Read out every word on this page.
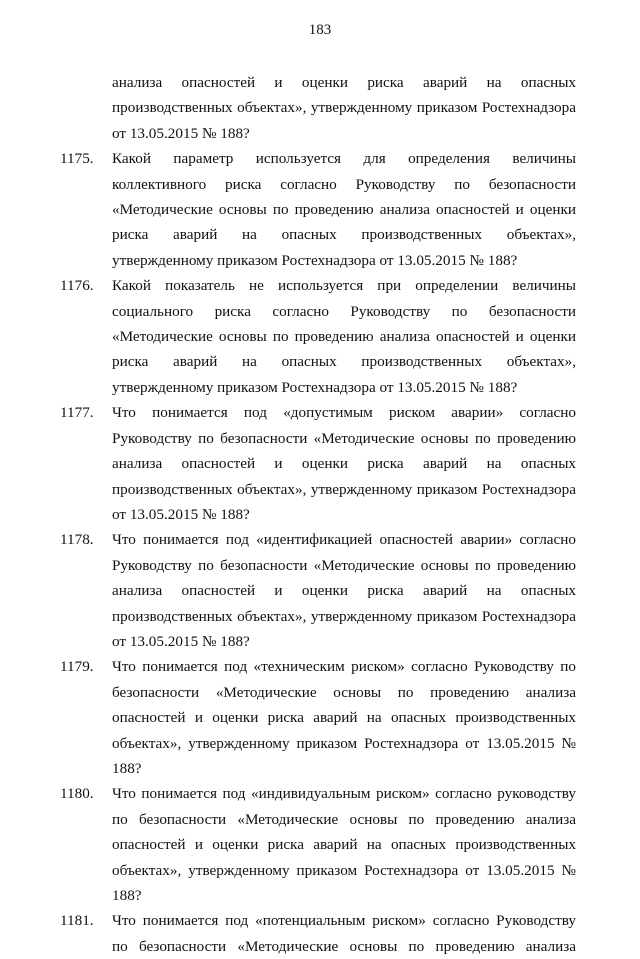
183

анализа опасностей и оценки риска аварий на опасных производственных объектах», утвержденному приказом Ростехнадзора от 13.05.2015 № 188?

1175. Какой параметр используется для определения величины коллективного риска согласно Руководству по безопасности «Методические основы по проведению анализа опасностей и оценки риска аварий на опасных производственных объектах», утвержденному приказом Ростехнадзора от 13.05.2015 № 188?

1176. Какой показатель не используется при определении величины социального риска согласно Руководству по безопасности «Методические основы по проведению анализа опасностей и оценки риска аварий на опасных производственных объектах», утвержденному приказом Ростехнадзора от 13.05.2015 № 188?

1177. Что понимается под «допустимым риском аварии» согласно Руководству по безопасности «Методические основы по проведению анализа опасностей и оценки риска аварий на опасных производственных объектах», утвержденному приказом Ростехнадзора от 13.05.2015 № 188?

1178. Что понимается под «идентификацией опасностей аварии» согласно Руководству по безопасности «Методические основы по проведению анализа опасностей и оценки риска аварий на опасных производственных объектах», утвержденному приказом Ростехнадзора от 13.05.2015 № 188?

1179. Что понимается под «техническим риском» согласно Руководству по безопасности «Методические основы по проведению анализа опасностей и оценки риска аварий на опасных производственных объектах», утвержденному приказом Ростехнадзора от 13.05.2015 № 188?

1180. Что понимается под «индивидуальным риском» согласно руководству по безопасности «Методические основы по проведению анализа опасностей и оценки риска аварий на опасных производственных объектах», утвержденному приказом Ростехнадзора от 13.05.2015 № 188?

1181. Что понимается под «потенциальным риском» согласно Руководству по безопасности «Методические основы по проведению анализа
